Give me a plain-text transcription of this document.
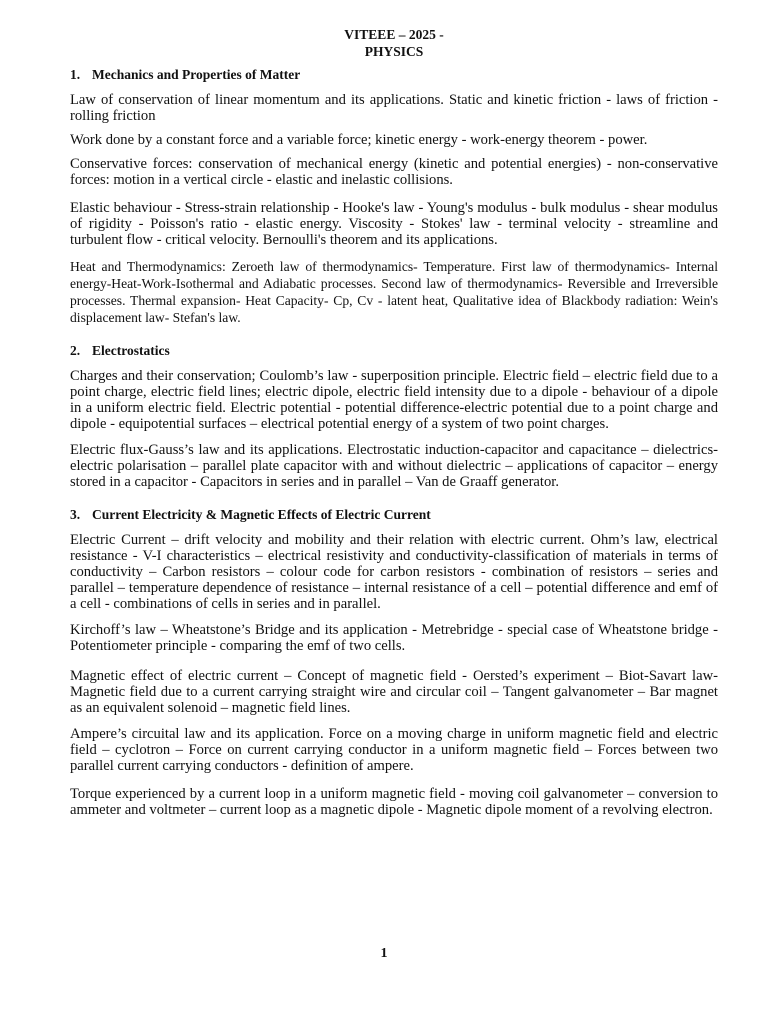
VITEEE – 2025 -
PHYSICS
1. Mechanics and Properties of Matter

Law of conservation of linear momentum and its applications. Static and kinetic friction - laws of friction - rolling friction

Work done by a constant force and a variable force; kinetic energy - work-energy theorem - power.

Conservative forces: conservation of mechanical energy (kinetic and potential energies) - non-conservative forces: motion in a vertical circle - elastic and inelastic collisions.

Elastic behaviour - Stress-strain relationship - Hooke's law - Young's modulus - bulk modulus - shear modulus of rigidity - Poisson's ratio - elastic energy. Viscosity - Stokes' law - terminal velocity - streamline and turbulent flow - critical velocity. Bernoulli's theorem and its applications.

Heat and Thermodynamics: Zeroeth law of thermodynamics- Temperature. First law of thermodynamics- Internal energy-Heat-Work-Isothermal and Adiabatic processes. Second law of thermodynamics- Reversible and Irreversible processes. Thermal expansion- Heat Capacity- Cp, Cv - latent heat, Qualitative idea of Blackbody radiation: Wein's displacement law- Stefan's law.

2. Electrostatics

Charges and their conservation; Coulomb’s law - superposition principle. Electric field – electric field due to a point charge, electric field lines; electric dipole, electric field intensity due to a dipole - behaviour of a dipole in a uniform electric field. Electric potential - potential difference-electric potential due to a point charge and dipole - equipotential surfaces – electrical potential energy of a system of two point charges.

Electric flux-Gauss’s law and its applications. Electrostatic induction-capacitor and capacitance – dielectrics- electric polarisation – parallel plate capacitor with and without dielectric – applications of capacitor – energy stored in a capacitor - Capacitors in series and in parallel – Van de Graaff generator.

3. Current Electricity & Magnetic Effects of Electric Current

Electric Current – drift velocity and mobility and their relation with electric current. Ohm’s law, electrical resistance - V-I characteristics – electrical resistivity and conductivity-classification of materials in terms of conductivity – Carbon resistors – colour code for carbon resistors - combination of resistors – series and parallel – temperature dependence of resistance – internal resistance of a cell – potential difference and emf of a cell - combinations of cells in series and in parallel.

Kirchoff’s law – Wheatstone’s Bridge and its application - Metrebridge - special case of Wheatstone bridge - Potentiometer principle - comparing the emf of two cells.

Magnetic effect of electric current – Concept of magnetic field - Oersted’s experiment – Biot-Savart law- Magnetic field due to a current carrying straight wire and circular coil – Tangent galvanometer – Bar magnet as an equivalent solenoid – magnetic field lines.

Ampere’s circuital law and its application. Force on a moving charge in uniform magnetic field and electric field – cyclotron – Force on current carrying conductor in a uniform magnetic field – Forces between two parallel current carrying conductors - definition of ampere.

Torque experienced by a current loop in a uniform magnetic field - moving coil galvanometer – conversion to ammeter and voltmeter – current loop as a magnetic dipole - Magnetic dipole moment of a revolving electron.

1
